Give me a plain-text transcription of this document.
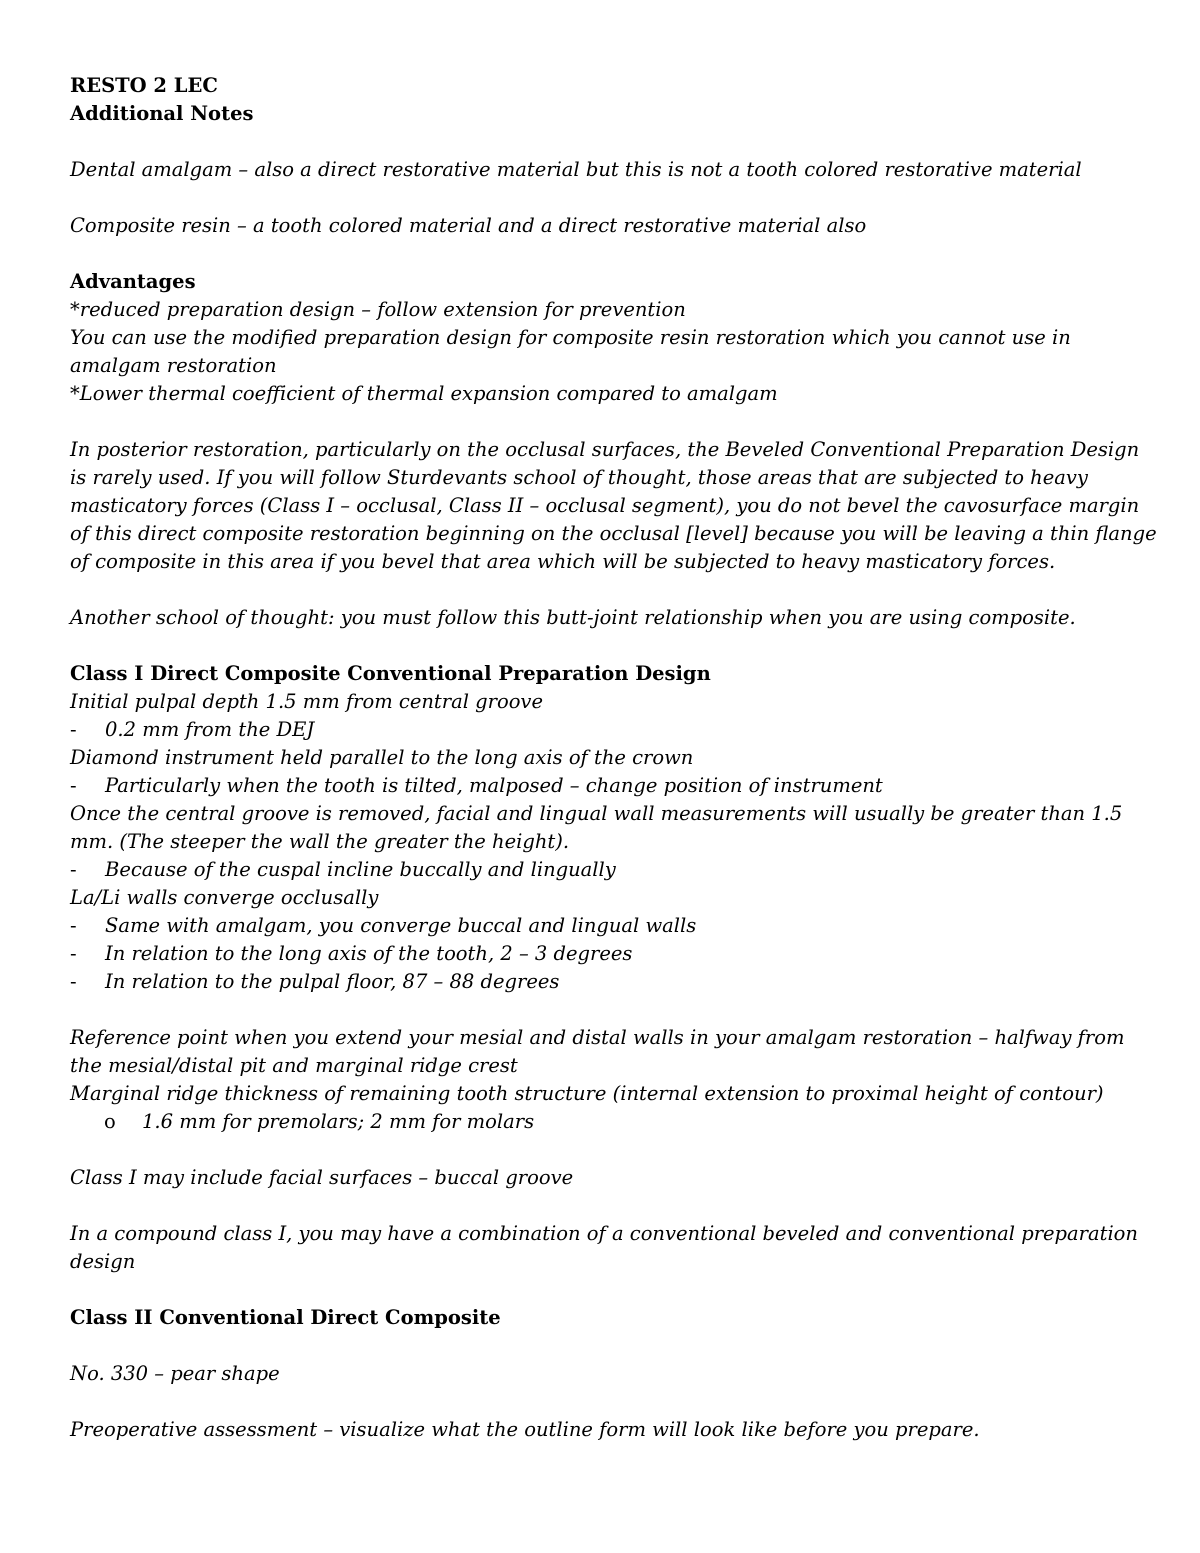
RESTO 2 LEC
Additional Notes
Dental amalgam – also a direct restorative material but this is not a tooth colored restorative material
Composite resin – a tooth colored material and a direct restorative material also
Advantages
*reduced preparation design – follow extension for prevention
You can use the modified preparation design for composite resin restoration which you cannot use in
amalgam restoration
*Lower thermal coefficient of thermal expansion compared to amalgam
In posterior restoration, particularly on the occlusal surfaces, the Beveled Conventional Preparation Design
is rarely used. If you will follow Sturdevants school of thought, those areas that are subjected to heavy
masticatory forces (Class I – occlusal, Class II – occlusal segment), you do not bevel the cavosurface margin
of this direct composite restoration beginning on the occlusal [level] because you will be leaving a thin flange
of composite in this area if you bevel that area which will be subjected to heavy masticatory forces.
Another school of thought: you must follow this butt-joint relationship when you are using composite.
Class I Direct Composite Conventional Preparation Design
Initial pulpal depth 1.5 mm from central groove
- 0.2 mm from the DEJ
Diamond instrument held parallel to the long axis of the crown
- Particularly when the tooth is tilted, malposed – change position of instrument
Once the central groove is removed, facial and lingual wall measurements will usually be greater than 1.5
mm. (The steeper the wall the greater the height).
- Because of the cuspal incline buccally and lingually
La/Li walls converge occlusally
- Same with amalgam, you converge buccal and lingual walls
- In relation to the long axis of the tooth, 2 – 3 degrees
- In relation to the pulpal floor, 87 – 88 degrees
Reference point when you extend your mesial and distal walls in your amalgam restoration – halfway from
the mesial/distal pit and marginal ridge crest
Marginal ridge thickness of remaining tooth structure (internal extension to proximal height of contour)
o 1.6 mm for premolars; 2 mm for molars
Class I may include facial surfaces – buccal groove
In a compound class I, you may have a combination of a conventional beveled and conventional preparation
design
Class II Conventional Direct Composite
No. 330 – pear shape
Preoperative assessment – visualize what the outline form will look like before you prepare.
